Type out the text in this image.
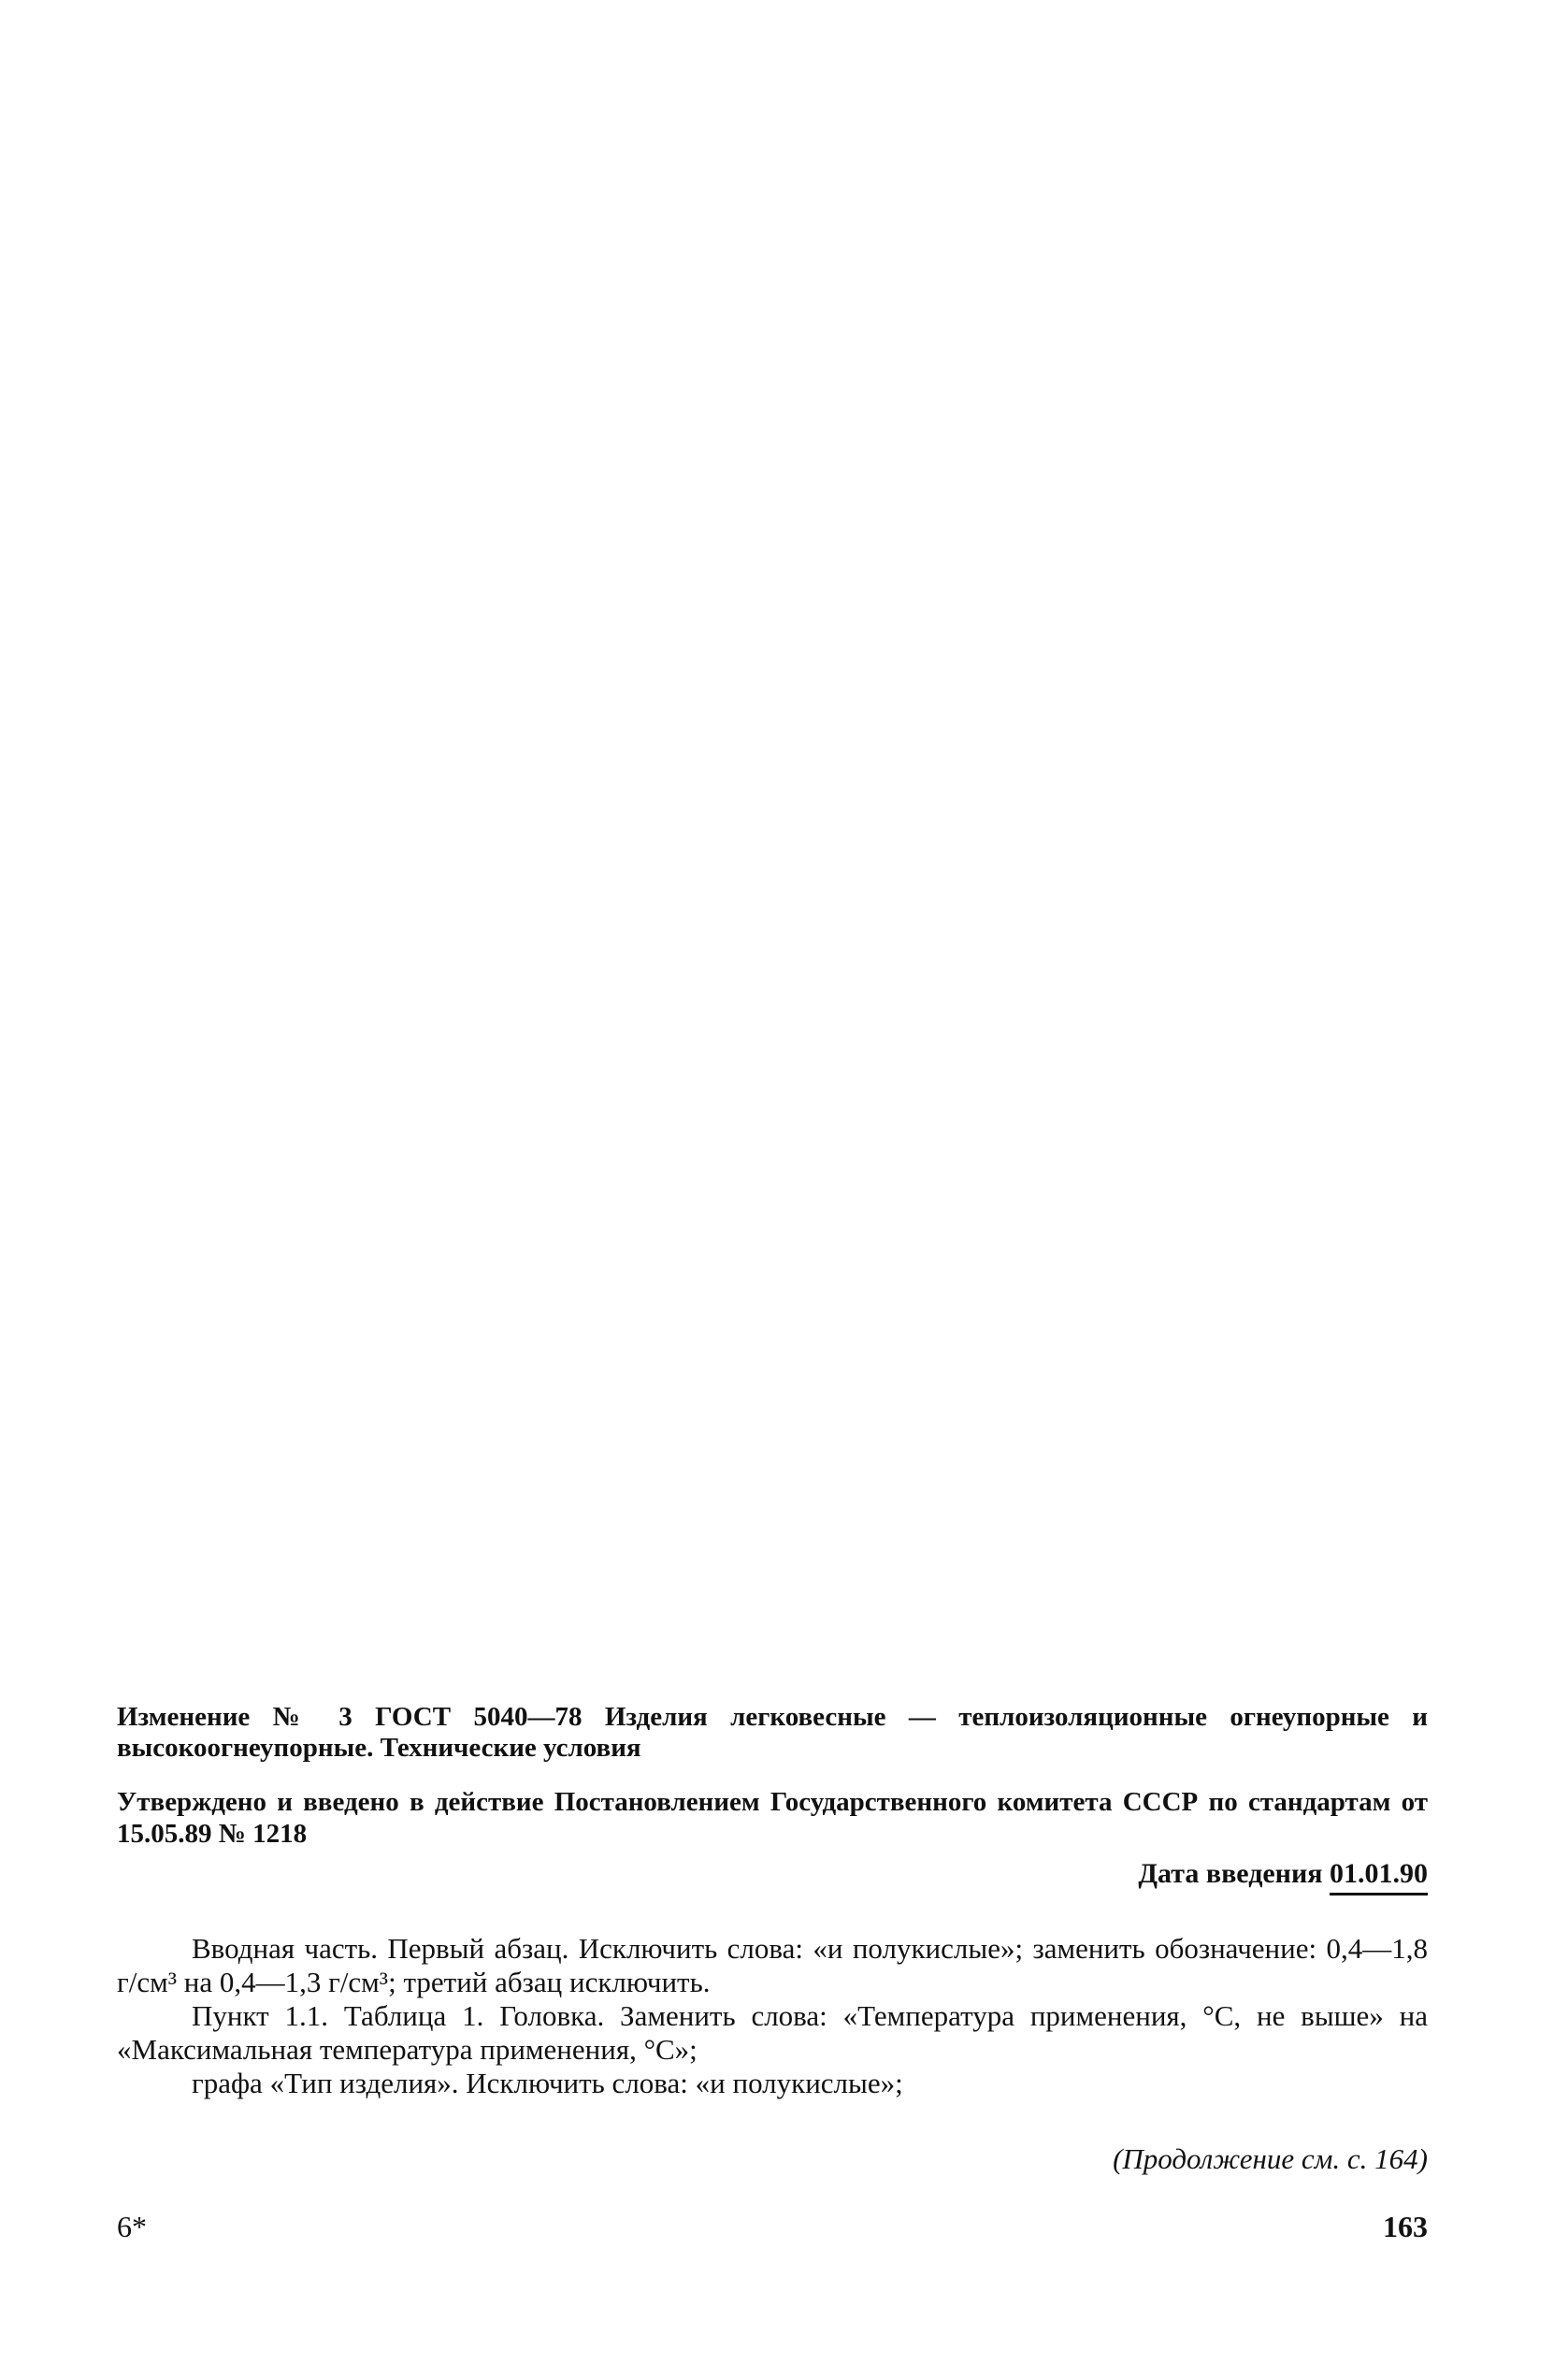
Изменение № 3 ГОСТ 5040—78 Изделия легковесные — теплоизоляционные огнеупорные и высокоогнеупорные. Технические условия

Утверждено и введено в действие Постановлением Государственного комитета СССР по стандартам от 15.05.89 № 1218

Дата введения 01.01.90

Вводная часть. Первый абзац. Исключить слова: «и полукислые»; заменить обозначение: 0,4—1,8 г/см³ на 0,4—1,3 г/см³; третий абзац исключить.

Пункт 1.1. Таблица 1. Головка. Заменить слова: «Температура применения, °С, не выше» на «Максимальная температура применения, °С»;

графа «Тип изделия». Исключить слова: «и полукислые»;

(Продолжение см. с. 164)

6*	163
